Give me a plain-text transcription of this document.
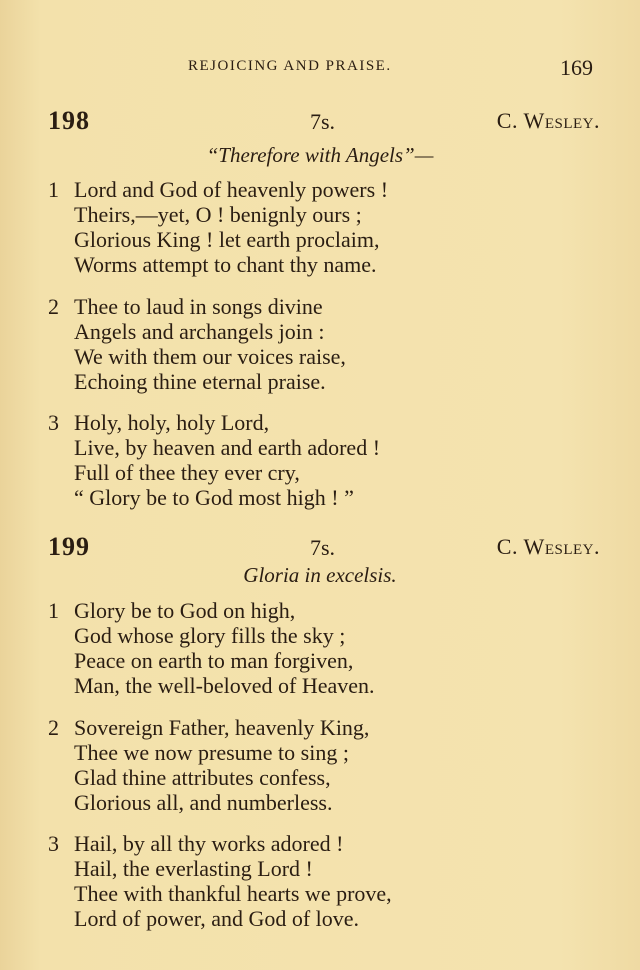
REJOICING AND PRAISE.	169
198	7s.	C. Wesley.
“Therefore with Angels”—
1 Lord and God of heavenly powers !
Theirs,—yet, O ! benignly ours ;
Glorious King ! let earth proclaim,
Worms attempt to chant thy name.
2 Thee to laud in songs divine
Angels and archangels join :
We with them our voices raise,
Echoing thine eternal praise.
3 Holy, holy, holy Lord,
Live, by heaven and earth adored !
Full of thee they ever cry,
“ Glory be to God most high ! ”
199	7s.	C. Wesley.
Gloria in excelsis.
1 Glory be to God on high,
God whose glory fills the sky ;
Peace on earth to man forgiven,
Man, the well-beloved of Heaven.
2 Sovereign Father, heavenly King,
Thee we now presume to sing ;
Glad thine attributes confess,
Glorious all, and numberless.
3 Hail, by all thy works adored !
Hail, the everlasting Lord !
Thee with thankful hearts we prove,
Lord of power, and God of love.
